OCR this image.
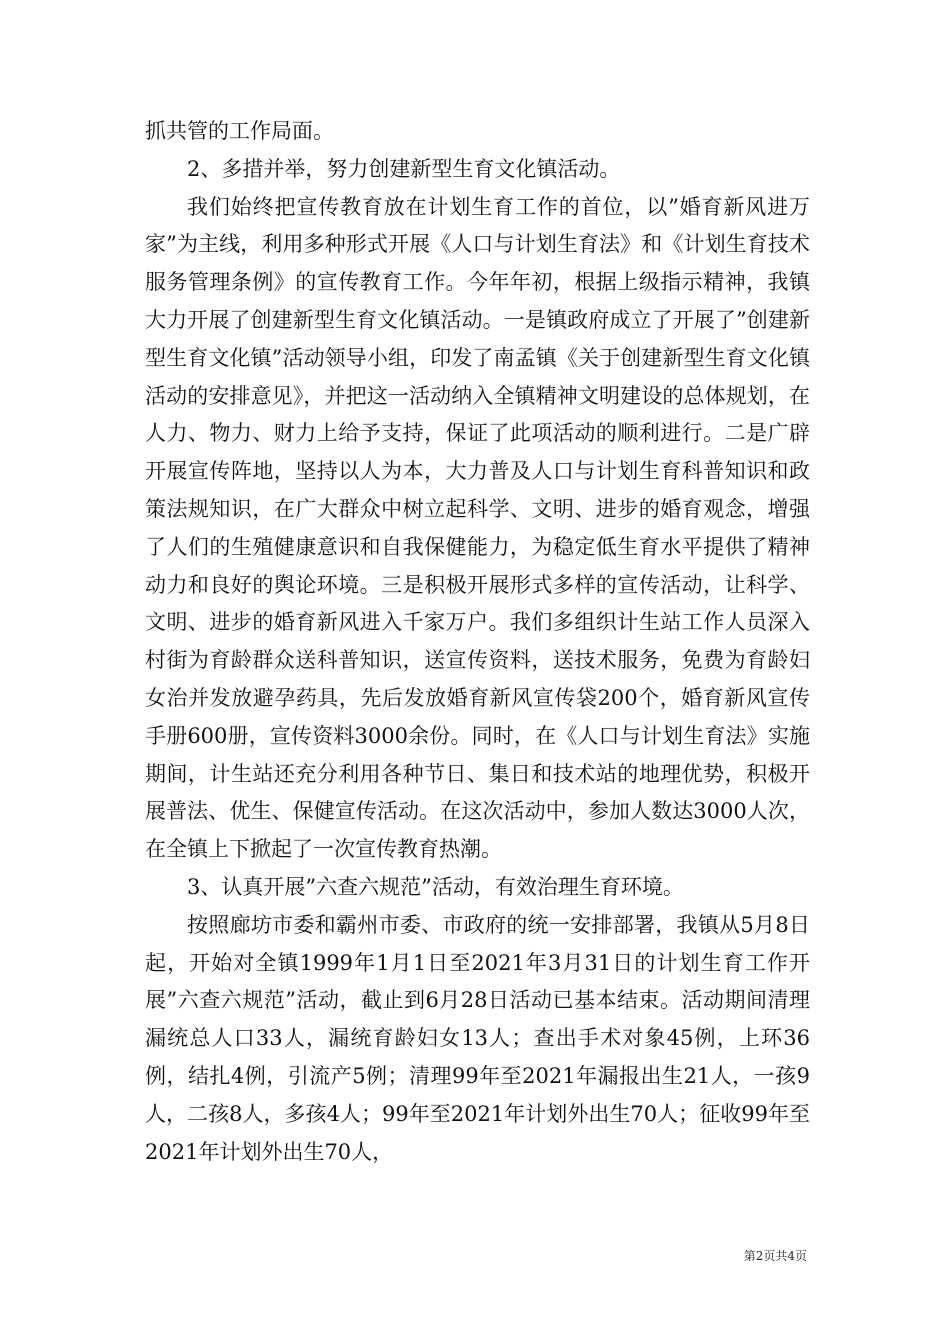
抓共管的工作局面。

2、多措并举，努力创建新型生育文化镇活动。

我们始终把宣传教育放在计划生育工作的首位，以”婚育新风进万家”为主线，利用多种形式开展《人口与计划生育法》和《计划生育技术服务管理条例》的宣传教育工作。今年年初，根据上级指示精神，我镇大力开展了创建新型生育文化镇活动。一是镇政府成立了开展了”创建新型生育文化镇”活动领导小组，印发了南孟镇《关于创建新型生育文化镇活动的安排意见》，并把这一活动纳入全镇精神文明建设的总体规划，在人力、物力、财力上给予支持，保证了此项活动的顺利进行。二是广辟开展宣传阵地，坚持以人为本，大力普及人口与计划生育科普知识和政策法规知识，在广大群众中树立起科学、文明、进步的婚育观念，增强了人们的生殖健康意识和自我保健能力，为稳定低生育水平提供了精神动力和良好的舆论环境。三是积极开展形式多样的宣传活动，让科学、文明、进步的婚育新风进入千家万户。我们多组织计生站工作人员深入村街为育龄群众送科普知识，送宣传资料，送技术服务，免费为育龄妇女治并发放避孕药具，先后发放婚育新风宣传袋200个，婚育新风宣传手册600册，宣传资料3000余份。同时，在《人口与计划生育法》实施期间，计生站还充分利用各种节日、集日和技术站的地理优势，积极开展普法、优生、保健宣传活动。在这次活动中，参加人数达3000人次，在全镇上下掀起了一次宣传教育热潮。

3、认真开展”六查六规范”活动，有效治理生育环境。

按照廊坊市委和霸州市委、市政府的统一安排部署，我镇从5月8日起，开始对全镇1999年1月1日至2021年3月31日的计划生育工作开展”六查六规范”活动，截止到6月28日活动已基本结束。活动期间清理漏统总人口33人，漏统育龄妇女13人；查出手术对象45例，上环36例，结扎4例，引流产5例；清理99年至2021年漏报出生21人，一孩9人，二孩8人，多孩4人；99年至2021年计划外出生70人；征收99年至2021年计划外出生70人，

第2页共4页
